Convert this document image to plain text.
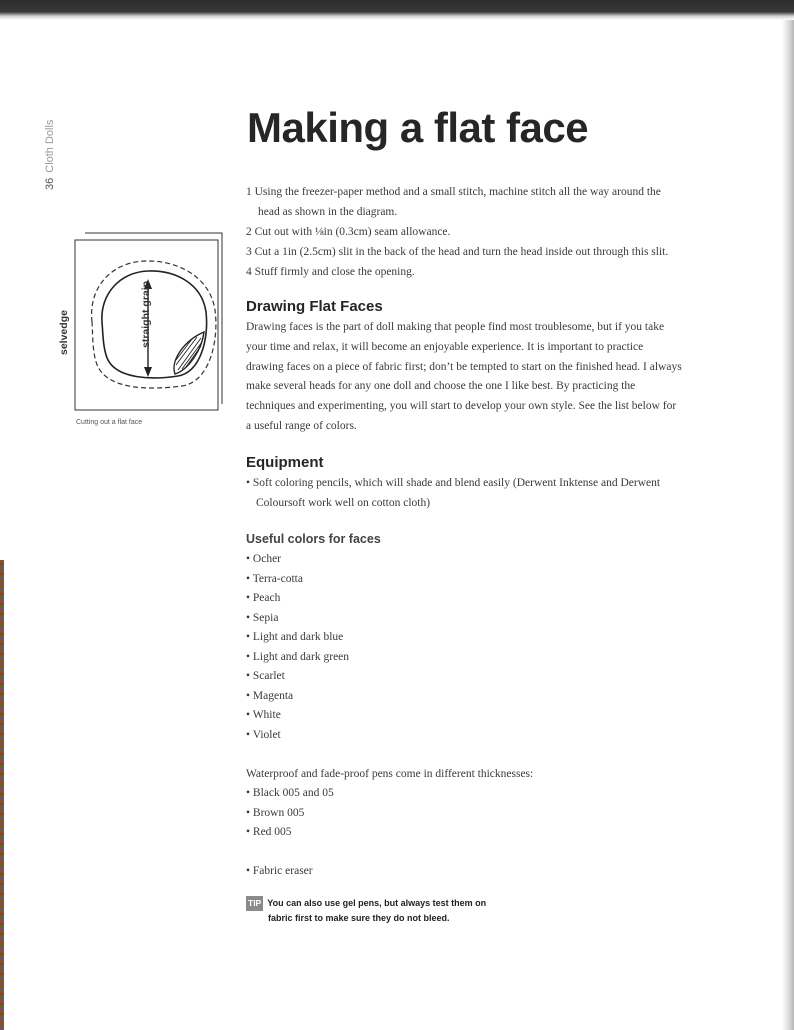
36Cloth Dolls	Making a flat face

1 Using the freezer-paper method and a small stitch, machine stitch all the way around the

head as shown in the diagram.

2 Cut out with ⅛in (0.3cm) seam allowance.

3 Cut a 1in (2.5cm) slit in the back of the head and turn the head inside out through this slit.

4 Stuff firmly and close the opening.

selvedge	straight grain
Cutting out a flat face
Drawing Flat Faces
Drawing faces is the part of doll making that people find most troublesome, but if you take
your time and relax, it will become an enjoyable experience. It is important to practice
drawing faces on a piece of fabric first; don’t be tempted to start on the finished head. I always
make several heads for any one doll and choose the one I like best. By practicing the
techniques and experimenting, you will start to develop your own style. See the list below for
a useful range of colors.
Equipment
• Soft coloring pencils, which will shade and blend easily (Derwent Inktense and Derwent
Coloursoft work well on cotton cloth)
Useful colors for faces
• Ocher
• Terra-cotta
• Peach
• Sepia
• Light and dark blue
• Light and dark green
• Scarlet
• Magenta
• White
• Violet

Waterproof and fade-proof pens come in different thicknesses:

• Black 005 and 05
• Brown 005
• Red 005
• Fabric eraser
TIP You can also use gel pens, but always test them on
fabric first to make sure they do not bleed.
